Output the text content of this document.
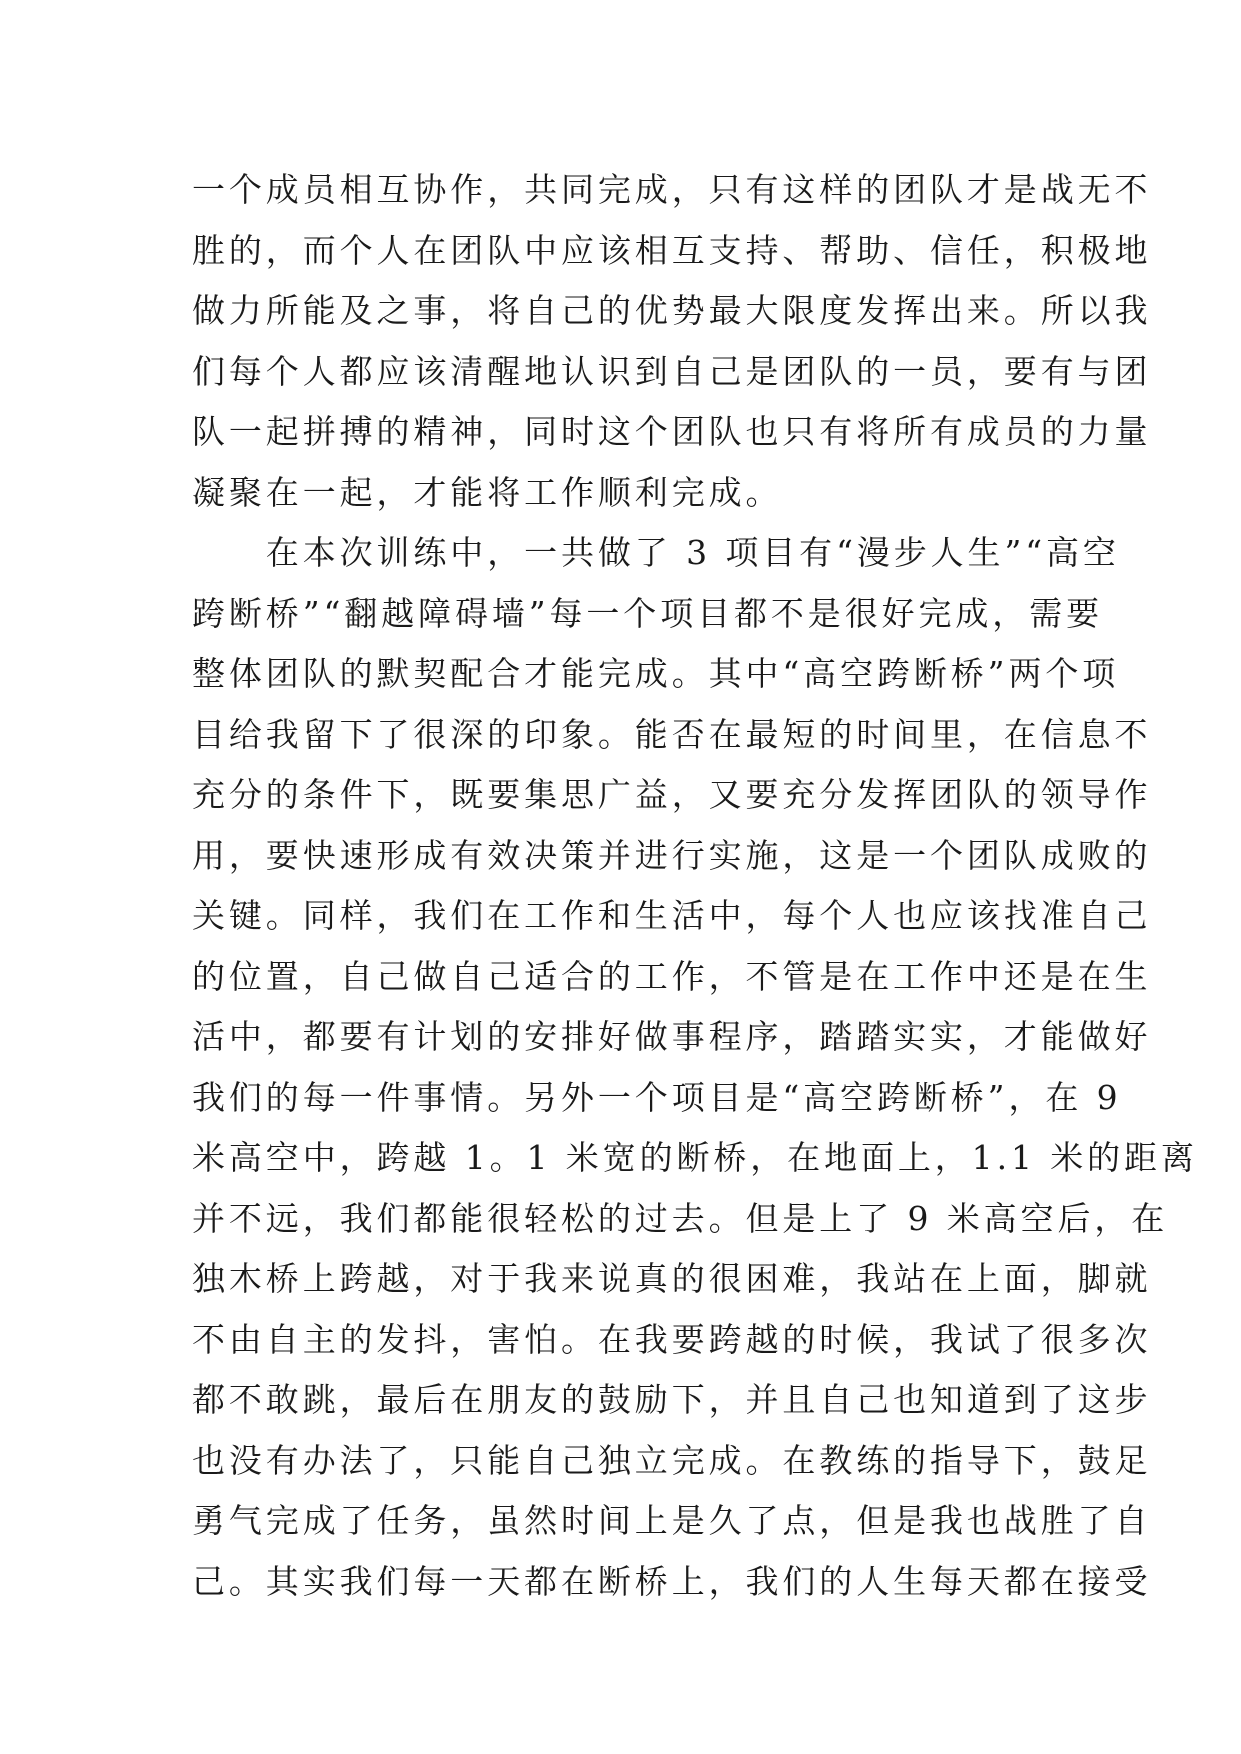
一个成员相互协作，共同完成，只有这样的团队才是战无不
胜的，而个人在团队中应该相互支持、帮助、信任，积极地
做力所能及之事，将自己的优势最大限度发挥出来。所以我
们每个人都应该清醒地认识到自己是团队的一员，要有与团
队一起拼搏的精神，同时这个团队也只有将所有成员的力量
凝聚在一起，才能将工作顺利完成。
在本次训练中，一共做了 3 项目有“漫步人生”“高空
跨断桥”“翻越障碍墙”每一个项目都不是很好完成，需要
整体团队的默契配合才能完成。其中“高空跨断桥”两个项
目给我留下了很深的印象。能否在最短的时间里，在信息不
充分的条件下，既要集思广益，又要充分发挥团队的领导作
用，要快速形成有效决策并进行实施，这是一个团队成败的
关键。同样，我们在工作和生活中，每个人也应该找准自己
的位置，自己做自己适合的工作，不管是在工作中还是在生
活中，都要有计划的安排好做事程序，踏踏实实，才能做好
我们的每一件事情。另外一个项目是“高空跨断桥”，在 9
米高空中，跨越 1。1 米宽的断桥，在地面上，1.1 米的距离
并不远，我们都能很轻松的过去。但是上了 9 米高空后，在
独木桥上跨越，对于我来说真的很困难，我站在上面，脚就
不由自主的发抖，害怕。在我要跨越的时候，我试了很多次
都不敢跳，最后在朋友的鼓励下，并且自己也知道到了这步
也没有办法了，只能自己独立完成。在教练的指导下，鼓足
勇气完成了任务，虽然时间上是久了点，但是我也战胜了自
己。其实我们每一天都在断桥上，我们的人生每天都在接受
